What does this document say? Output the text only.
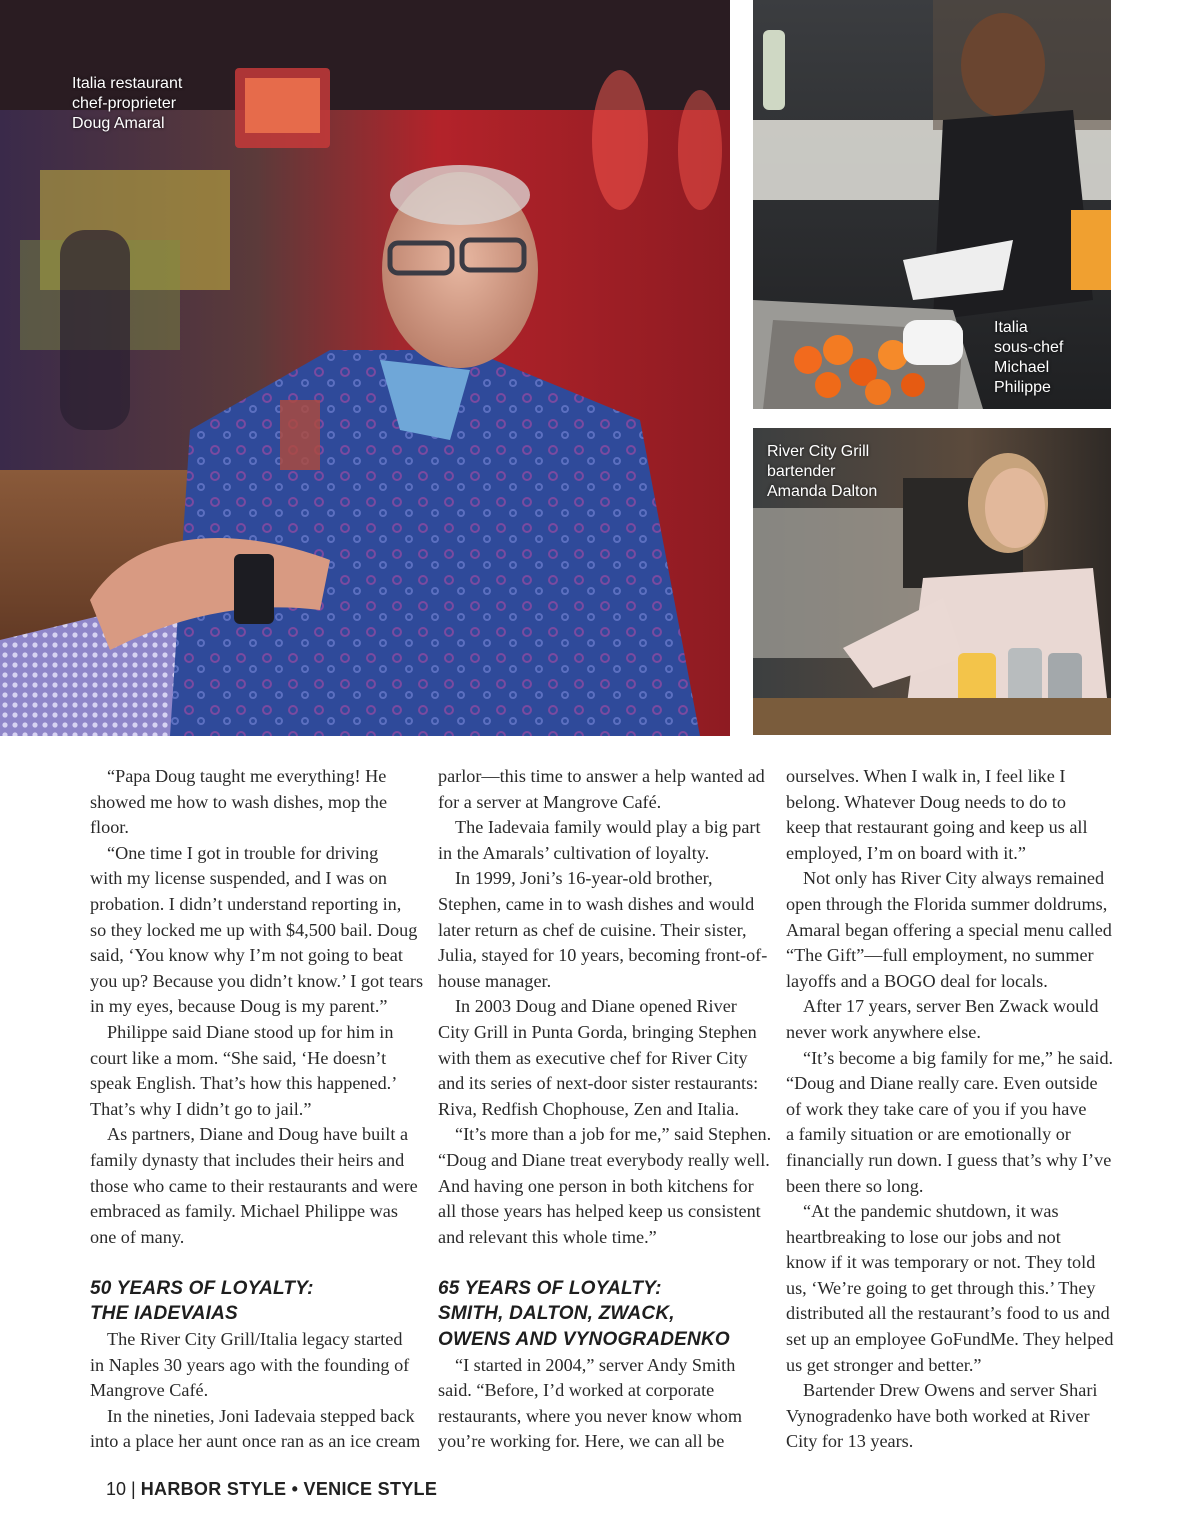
Italia restaurant
chef-proprieter
Doug Amaral
Italia
sous-chef
Michael
Philippe
River City Grill
bartender
Amanda Dalton
“Papa Doug taught me everything! He
showed me how to wash dishes, mop the
floor.
“One time I got in trouble for driving
with my license suspended, and I was on
probation. I didn’t understand reporting in,
so they locked me up with $4,500 bail. Doug
said, ‘You know why I’m not going to beat
you up? Because you didn’t know.’ I got tears
in my eyes, because Doug is my parent.”
Philippe said Diane stood up for him in
court like a mom. “She said, ‘He doesn’t
speak English. That’s how this happened.’
That’s why I didn’t go to jail.”
As partners, Diane and Doug have built a
family dynasty that includes their heirs and
those who came to their restaurants and were
embraced as family. Michael Philippe was
one of many.
50 YEARS OF LOYALTY:
THE IADEVAIAS
The River City Grill/Italia legacy started
in Naples 30 years ago with the founding of
Mangrove Café.
In the nineties, Joni Iadevaia stepped back
into a place her aunt once ran as an ice cream
parlor—this time to answer a help wanted ad
for a server at Mangrove Café.
The Iadevaia family would play a big part
in the Amarals’ cultivation of loyalty.
In 1999, Joni’s 16-year-old brother,
Stephen, came in to wash dishes and would
later return as chef de cuisine. Their sister,
Julia, stayed for 10 years, becoming front-of-
house manager.
In 2003 Doug and Diane opened River
City Grill in Punta Gorda, bringing Stephen
with them as executive chef for River City
and its series of next-door sister restaurants:
Riva, Redfish Chophouse, Zen and Italia.
“It’s more than a job for me,” said Stephen.
“Doug and Diane treat everybody really well.
And having one person in both kitchens for
all those years has helped keep us consistent
and relevant this whole time.”
65 YEARS OF LOYALTY:
SMITH, DALTON, ZWACK,
OWENS AND VYNOGRADENKO
“I started in 2004,” server Andy Smith
said. “Before, I’d worked at corporate
restaurants, where you never know whom
you’re working for. Here, we can all be
ourselves. When I walk in, I feel like I
belong. Whatever Doug needs to do to
keep that restaurant going and keep us all
employed, I’m on board with it.”
Not only has River City always remained
open through the Florida summer doldrums,
Amaral began offering a special menu called
“The Gift”—full employment, no summer
layoffs and a BOGO deal for locals.
After 17 years, server Ben Zwack would
never work anywhere else.
“It’s become a big family for me,” he said.
“Doug and Diane really care. Even outside
of work they take care of you if you have
a family situation or are emotionally or
financially run down. I guess that’s why I’ve
been there so long.
“At the pandemic shutdown, it was
heartbreaking to lose our jobs and not
know if it was temporary or not. They told
us, ‘We’re going to get through this.’ They
distributed all the restaurant’s food to us and
set up an employee GoFundMe. They helped
us get stronger and better.”
Bartender Drew Owens and server Shari
Vynogradenko have both worked at River
City for 13 years.
10 | HARBOR STYLE • VENICE STYLE
